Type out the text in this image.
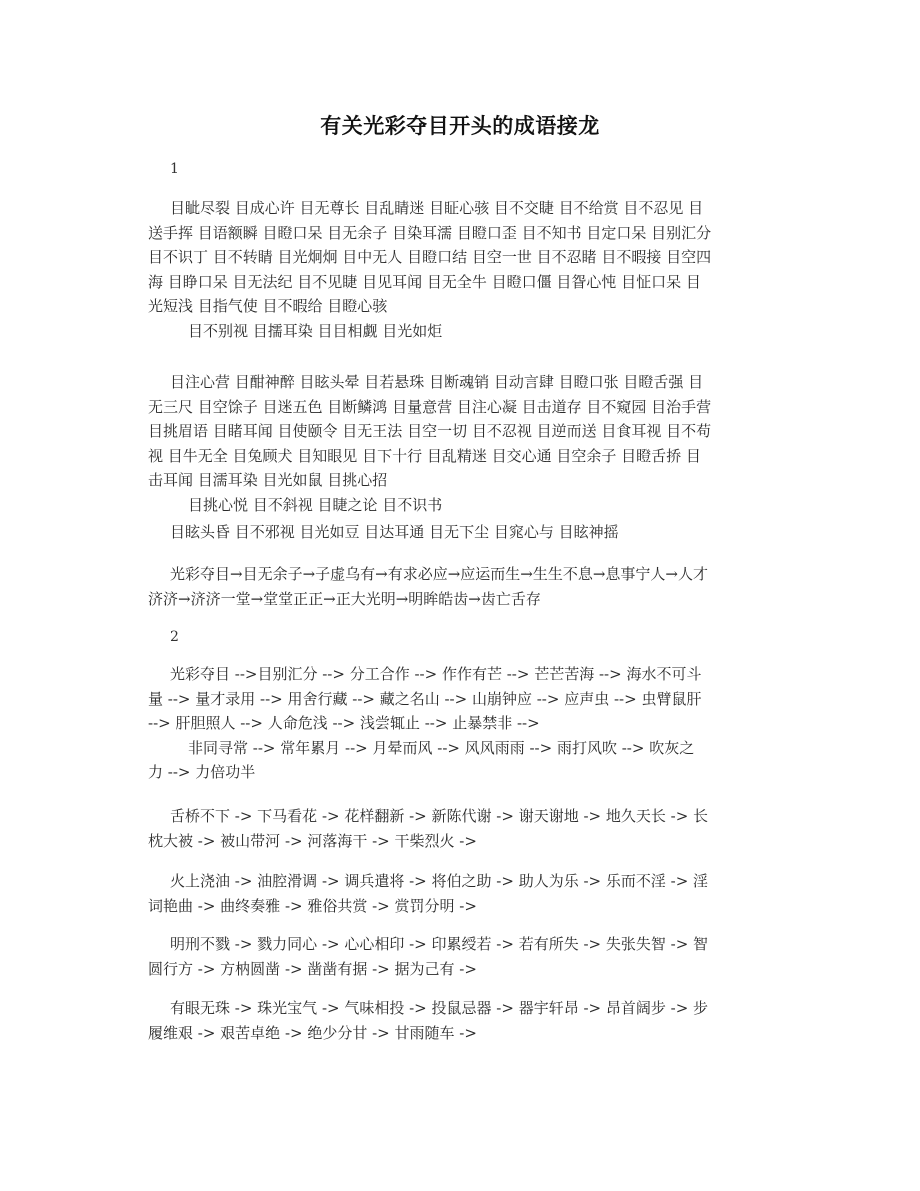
有关光彩夺目开头的成语接龙
1
目眦尽裂 目成心许 目无尊长 目乱睛迷 目眐心骇 目不交睫 目不给赏 目不忍见 目
送手挥 目语额瞬 目瞪口呆 目无余子 目染耳濡 目瞪口歪 目不知书 目定口呆 目别汇分
目不识丁 目不转睛 目光炯炯 目中无人 目瞪口结 目空一世 目不忍睹 目不暇接 目空四
海 目睁口呆 目无法纪 目不见睫 目见耳闻 目无全牛 目瞪口僵 目眢心忳 目怔口呆 目
光短浅 目指气使 目不暇给 目瞪心骇
目不别视 目擩耳染 目目相觑 目光如炬
目注心营 目酣神醉 目眩头晕 目若悬珠 目断魂销 目动言肆 目瞪口张 目瞪舌强 目
无三尺 目空馀子 目迷五色 目断鳞鸿 目量意营 目注心凝 目击道存 目不窥园 目治手营
目挑眉语 目睹耳闻 目使颐令 目无王法 目空一切 目不忍视 目逆而送 目食耳视 目不苟
视 目牛无全 目兔顾犬 目知眼见 目下十行 目乱精迷 目交心通 目空余子 目瞪舌挢 目
击耳闻 目濡耳染 目光如鼠 目挑心招
目挑心悦 目不斜视 目睫之论 目不识书
目眩头昏 目不邪视 目光如豆 目达耳通 目无下尘 目窕心与 目眩神摇
光彩夺目→目无余子→子虚乌有→有求必应→应运而生→生生不息→息事宁人→人才
济济→济济一堂→堂堂正正→正大光明→明眸皓齿→齿亡舌存
2
光彩夺目 -->目别汇分 --> 分工合作 --> 作作有芒 --> 芒芒苦海 --> 海水不可斗
量 --> 量才录用 --> 用舍行藏 --> 藏之名山 --> 山崩钟应 --> 应声虫 --> 虫臂鼠肝
--> 肝胆照人 --> 人命危浅 --> 浅尝辄止 --> 止暴禁非 -->
非同寻常 --> 常年累月 --> 月晕而风 --> 风风雨雨 --> 雨打风吹 --> 吹灰之
力 --> 力倍功半
舌桥不下 -> 下马看花 -> 花样翻新 -> 新陈代谢 -> 谢天谢地 -> 地久天长 -> 长
枕大被 -> 被山带河 -> 河落海干 -> 干柴烈火 ->
火上浇油 -> 油腔滑调 -> 调兵遣将 -> 将伯之助 -> 助人为乐 -> 乐而不淫 -> 淫
词艳曲 -> 曲终奏雅 -> 雅俗共赏 -> 赏罚分明 ->
明刑不戮 -> 戮力同心 -> 心心相印 -> 印累绶若 -> 若有所失 -> 失张失智 -> 智
圆行方 -> 方枘圆凿 -> 凿凿有据 -> 据为己有 ->
有眼无珠 -> 珠光宝气 -> 气味相投 -> 投鼠忌器 -> 器宇轩昂 -> 昂首阔步 -> 步
履维艰 -> 艰苦卓绝 -> 绝少分甘 -> 甘雨随车 ->
